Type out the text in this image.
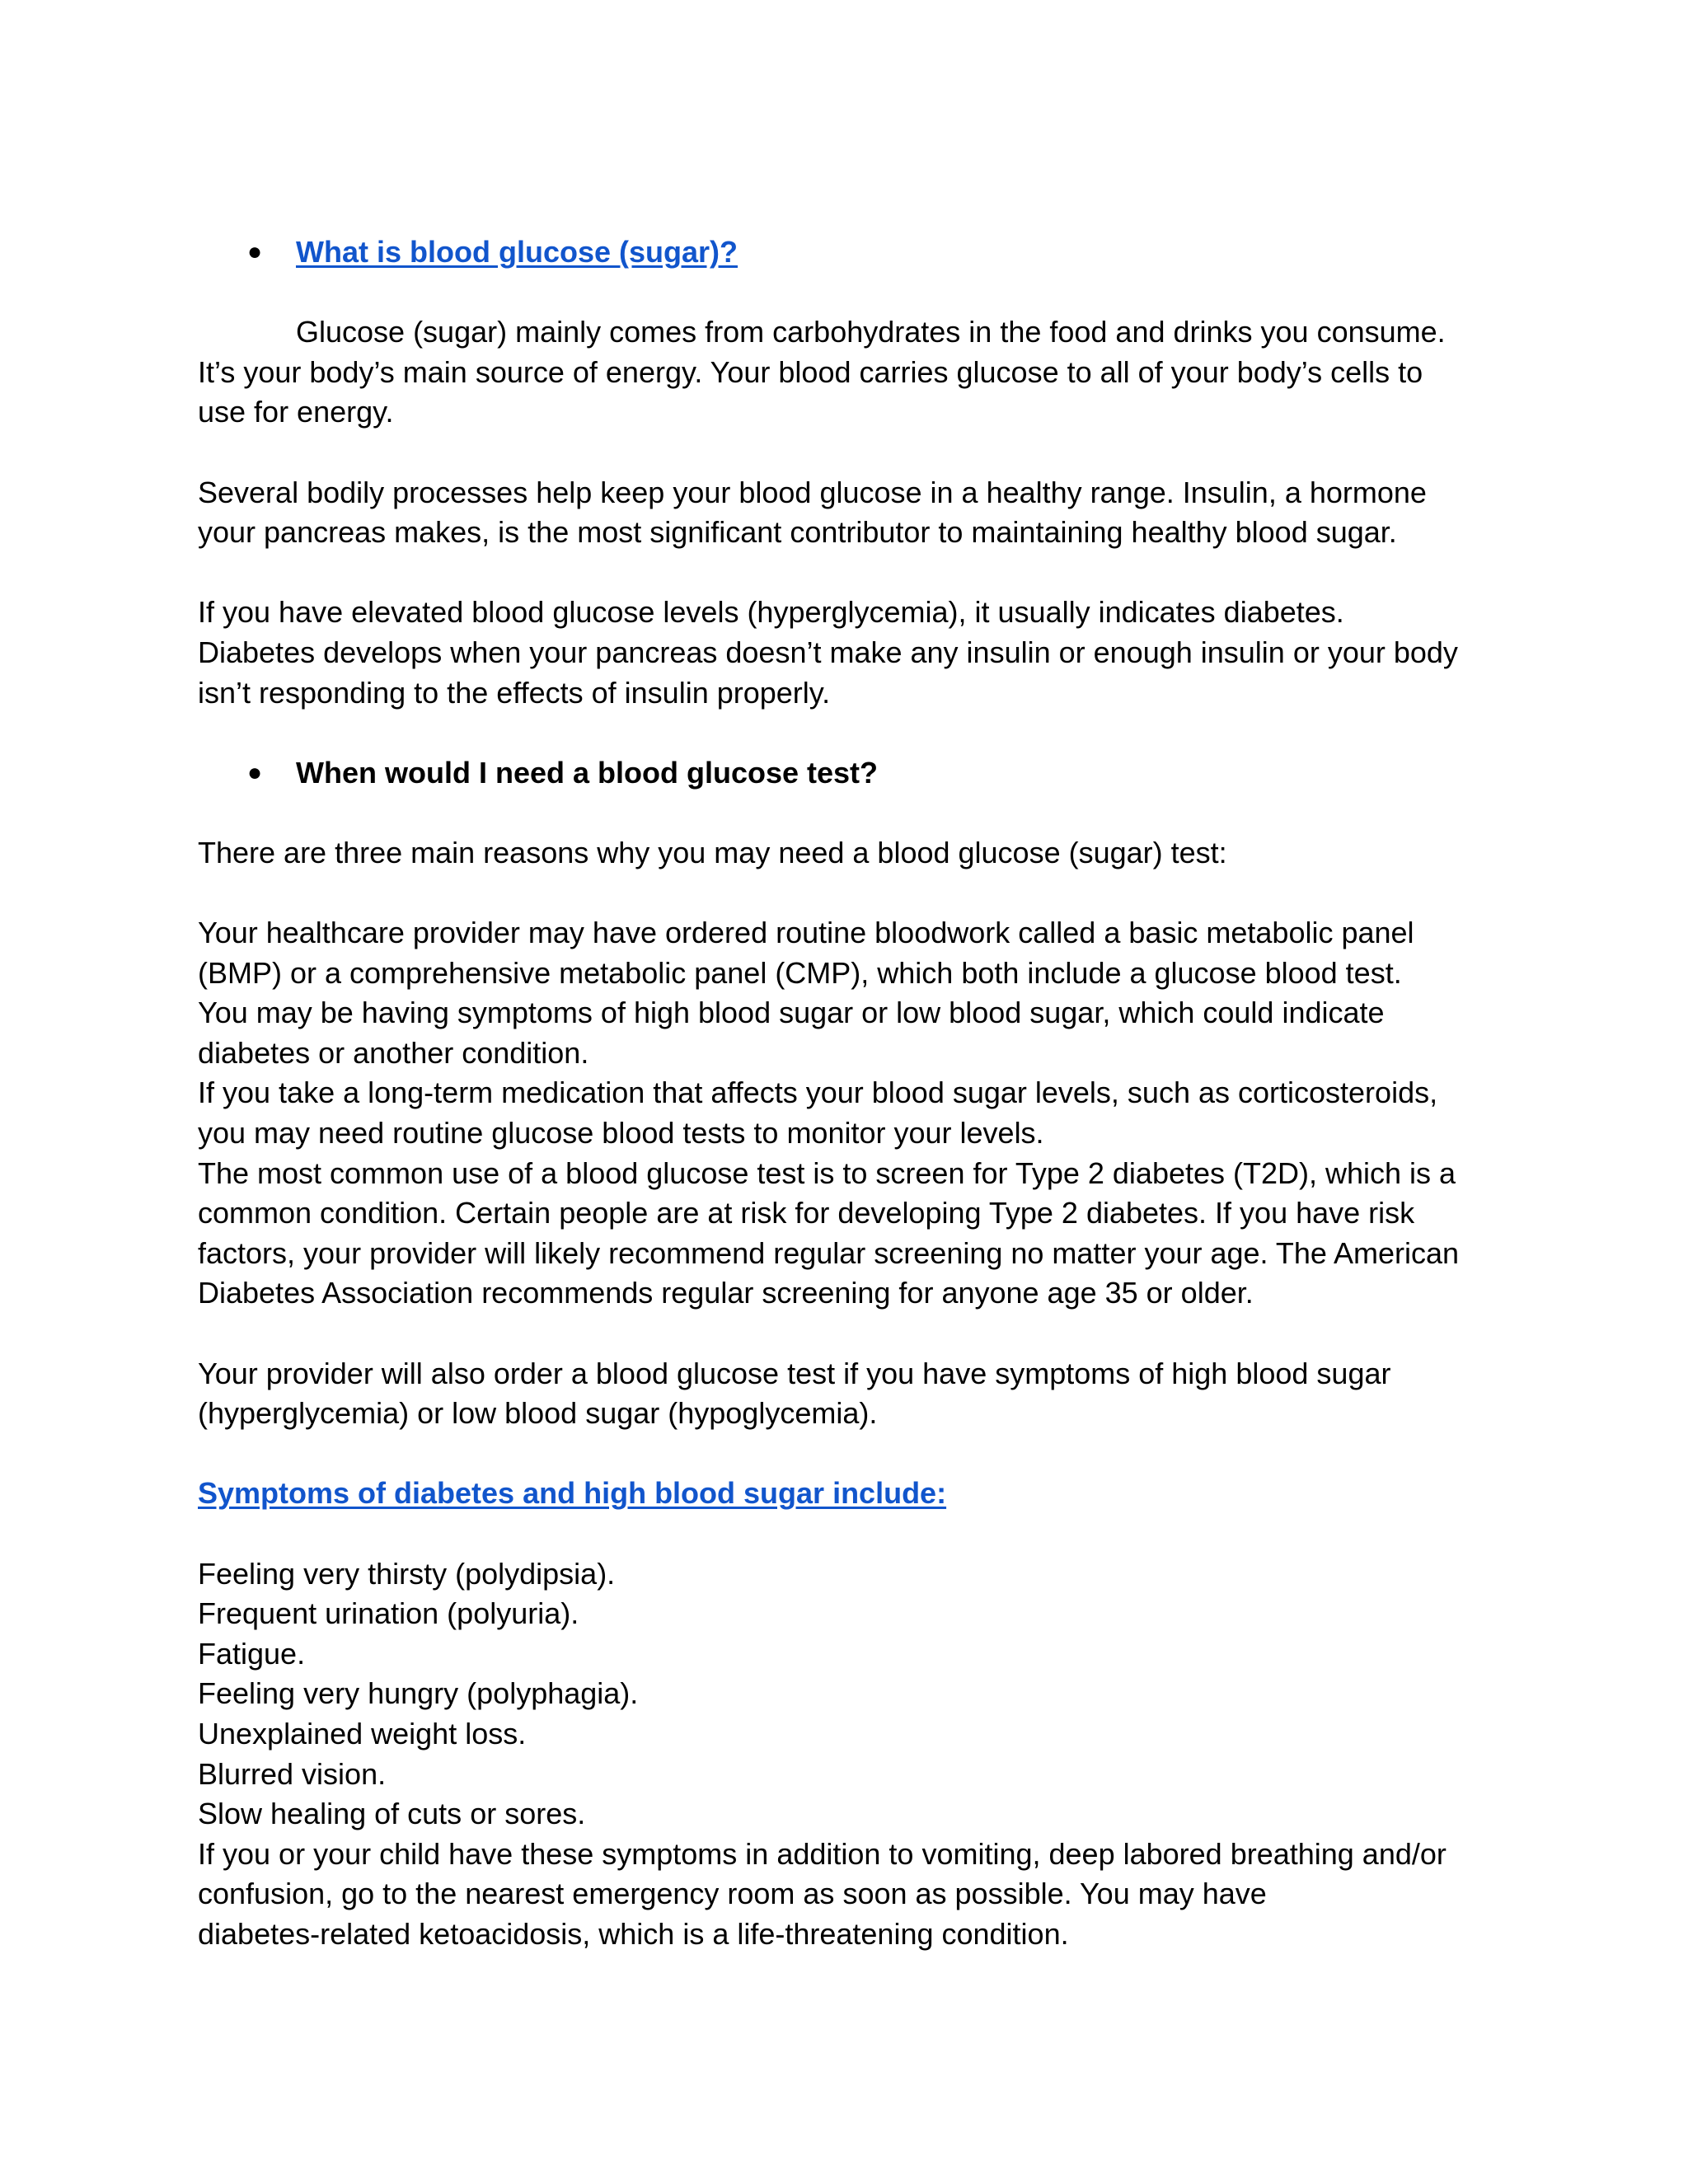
● What is blood glucose (sugar)?
Glucose (sugar) mainly comes from carbohydrates in the food and drinks you consume.
It’s your body’s main source of energy. Your blood carries glucose to all of your body’s cells to
use for energy.
Several bodily processes help keep your blood glucose in a healthy range. Insulin, a hormone
your pancreas makes, is the most significant contributor to maintaining healthy blood sugar.
If you have elevated blood glucose levels (hyperglycemia), it usually indicates diabetes.
Diabetes develops when your pancreas doesn’t make any insulin or enough insulin or your body
isn’t responding to the effects of insulin properly.
● When would I need a blood glucose test?
There are three main reasons why you may need a blood glucose (sugar) test:
Your healthcare provider may have ordered routine bloodwork called a basic metabolic panel
(BMP) or a comprehensive metabolic panel (CMP), which both include a glucose blood test.
You may be having symptoms of high blood sugar or low blood sugar, which could indicate
diabetes or another condition.
If you take a long-term medication that affects your blood sugar levels, such as corticosteroids,
you may need routine glucose blood tests to monitor your levels.
The most common use of a blood glucose test is to screen for Type 2 diabetes (T2D), which is a
common condition. Certain people are at risk for developing Type 2 diabetes. If you have risk
factors, your provider will likely recommend regular screening no matter your age. The American
Diabetes Association recommends regular screening for anyone age 35 or older.
Your provider will also order a blood glucose test if you have symptoms of high blood sugar
(hyperglycemia) or low blood sugar (hypoglycemia).
Symptoms of diabetes and high blood sugar include:
Feeling very thirsty (polydipsia).
Frequent urination (polyuria).
Fatigue.
Feeling very hungry (polyphagia).
Unexplained weight loss.
Blurred vision.
Slow healing of cuts or sores.
If you or your child have these symptoms in addition to vomiting, deep labored breathing and/or
confusion, go to the nearest emergency room as soon as possible. You may have
diabetes-related ketoacidosis, which is a life-threatening condition.
